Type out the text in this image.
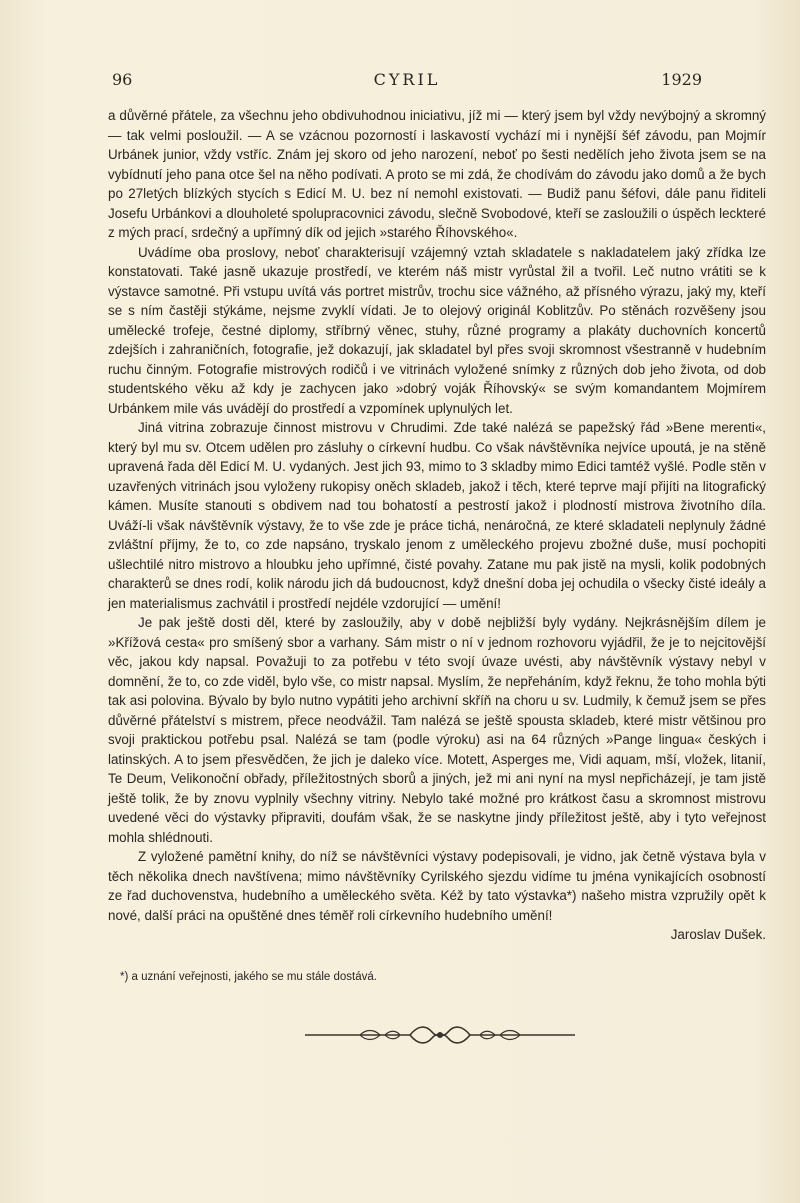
96	CYRIL	1929

a důvěrné přátele, za všechnu jeho obdivuhodnou iniciativu, jíž mi — který jsem byl vždy nevýbojný a skromný — tak velmi posloužil. — A se vzácnou pozorností i laskavostí vychází mi i nynější šéf závodu, pan Mojmír Urbánek junior, vždy vstříc. Znám jej skoro od jeho narození, neboť po šesti nedělích jeho života jsem se na vybídnutí jeho pana otce šel na něho podívati. A proto se mi zdá, že chodívám do závodu jako domů a že bych po 27letých blízkých stycích s Edicí M. U. bez ní nemohl existovati. — Budiž panu šéfovi, dále panu řiditeli Josefu Urbánkovi a dlouholeté spolupracovnici závodu, slečně Svobodové, kteří se zasloužili o úspěch leckteré z mých prací, srdečný a upřímný dík od jejich »starého Říhovského«.

Uvádíme oba proslovy, neboť charakterisují vzájemný vztah skladatele s nakladatelem jaký zřídka lze konstatovati. Také jasně ukazuje prostředí, ve kterém náš mistr vyrůstal žil a tvořil. Leč nutno vrátiti se k výstavce samotné. Při vstupu uvítá vás portret mistrův, trochu sice vážného, až přísného výrazu, jaký my, kteří se s ním častěji stýkáme, nejsme zvyklí vídati. Je to olejový originál Koblitzův. Po stěnách rozvěšeny jsou umělecké trofeje, čestné diplomy, stříbrný věnec, stuhy, různé programy a plakáty duchovních koncertů zdejších i zahraničních, fotografie, jež dokazují, jak skladatel byl přes svoji skromnost všestranně v hudebním ruchu činným. Fotografie mistrových rodičů i ve vitrinách vyložené snímky z různých dob jeho života, od dob studentského věku až kdy je zachycen jako »dobrý voják Říhovský« se svým komandantem Mojmírem Urbánkem mile vás uvádějí do prostředí a vzpomínek uplynulých let.

Jiná vitrina zobrazuje činnost mistrovu v Chrudimi. Zde také nalézá se papežský řád »Bene merenti«, který byl mu sv. Otcem udělen pro zásluhy o církevní hudbu. Co však návštěvníka nejvíce upoutá, je na stěně upravená řada děl Edicí M. U. vydaných. Jest jich 93, mimo to 3 skladby mimo Edici tamtéž vyšlé. Podle stěn v uzavřených vitrinách jsou vyloženy rukopisy oněch skladeb, jakož i těch, které teprve mají přijíti na litografický kámen. Musíte stanouti s obdivem nad tou bohatostí a pestrostí jakož i plodností mistrova životního díla. Uváží-li však návštěvník výstavy, že to vše zde je práce tichá, nenáročná, ze které skladateli neplynuly žádné zvláštní příjmy, že to, co zde napsáno, tryskalo jenom z uměleckého projevu zbožné duše, musí pochopiti ušlechtilé nitro mistrovo a hloubku jeho upřímné, čisté povahy. Zatane mu pak jistě na mysli, kolik podobných charakterů se dnes rodí, kolik národu jich dá budoucnost, když dnešní doba jej ochudila o všecky čisté ideály a jen materialismus zachvátil i prostředí nejdéle vzdorující — umění!

Je pak ještě dosti děl, které by zasloužily, aby v době nejbližší byly vydány. Nejkrásnějším dílem je »Křížová cesta« pro smíšený sbor a varhany. Sám mistr o ní v jednom rozhovoru vyjádřil, že je to nejcitovější věc, jakou kdy napsal. Považuji to za potřebu v této svojí úvaze uvésti, aby návštěvník výstavy nebyl v domnění, že to, co zde viděl, bylo vše, co mistr napsal. Myslím, že nepřeháním, když řeknu, že toho mohla býti tak asi polovina. Bývalo by bylo nutno vypátiti jeho archivní skříň na choru u sv. Ludmily, k čemuž jsem se přes důvěrné přátelství s mistrem, přece neodvážil. Tam nalézá se ještě spousta skladeb, které mistr většinou pro svoji praktickou potřebu psal. Nalézá se tam (podle výroku) asi na 64 různých »Pange lingua« českých i latinských. A to jsem přesvědčen, že jich je daleko více. Motett, Asperges me, Vidi aquam, mší, vložek, litanií, Te Deum, Velikonoční obřady, příležitostných sborů a jiných, jež mi ani nyní na mysl nepřicházejí, je tam jistě ještě tolik, že by znovu vyplnily všechny vitriny. Nebylo také možné pro krátkost času a skromnost mistrovu uvedené věci do výstavky připraviti, doufám však, že se naskytne jindy příležitost ještě, aby i tyto veřejnost mohla shlédnouti.

Z vyložené pamětní knihy, do níž se návštěvníci výstavy podepisovali, je vidno, jak četně výstava byla v těch několika dnech navštívena; mimo návštěvníky Cyrilského sjezdu vidíme tu jména vynikajících osobností ze řad duchovenstva, hudebního a uměleckého světa. Kéž by tato výstavka*) našeho mistra vzpružily opět k nové, další práci na opuštěné dnes téměř roli církevního hudebního umění!

Jaroslav Dušek.
*) a uznání veřejnosti, jakého se mu stále dostává.
